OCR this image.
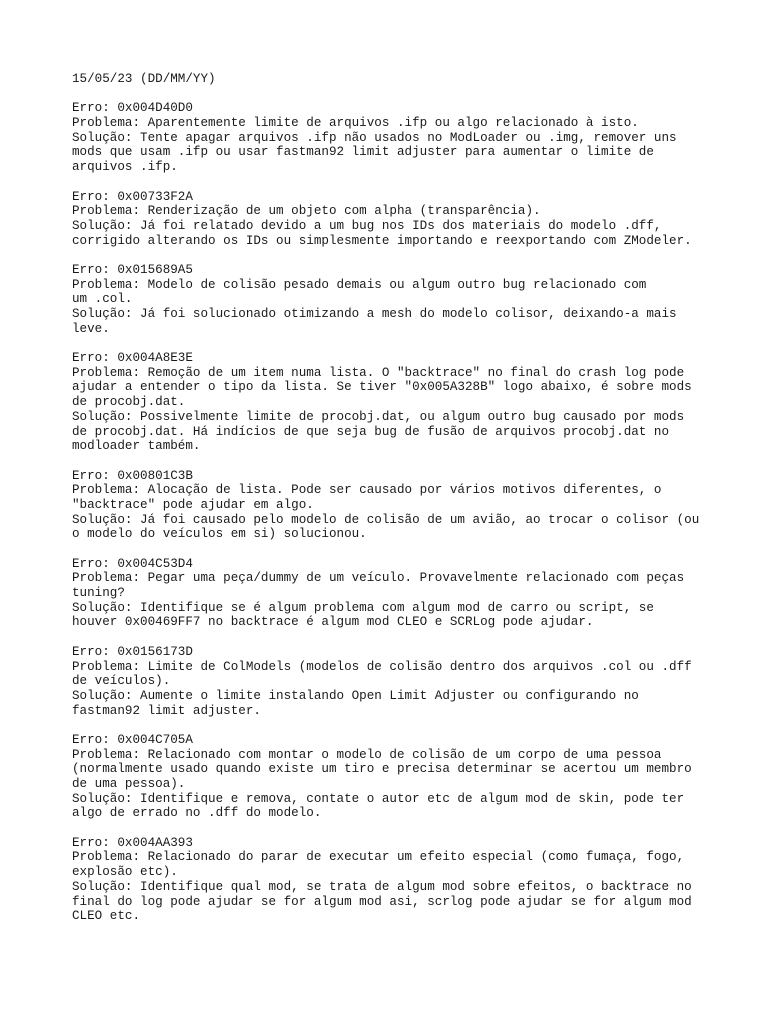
15/05/23 (DD/MM/YY)
Erro: 0x004D40D0
Problema: Aparentemente limite de arquivos .ifp ou algo relacionado à isto.
Solução: Tente apagar arquivos .ifp não usados no ModLoader ou .img, remover uns
mods que usam .ifp ou usar fastman92 limit adjuster para aumentar o limite de
arquivos .ifp.
Erro: 0x00733F2A
Problema: Renderização de um objeto com alpha (transparência).
Solução: Já foi relatado devido a um bug nos IDs dos materiais do modelo .dff,
corrigido alterando os IDs ou simplesmente importando e reexportando com ZModeler.
Erro: 0x015689A5
Problema: Modelo de colisão pesado demais ou algum outro bug relacionado com
um .col.
Solução: Já foi solucionado otimizando a mesh do modelo colisor, deixando-a mais
leve.
Erro: 0x004A8E3E
Problema: Remoção de um item numa lista. O "backtrace" no final do crash log pode
ajudar a entender o tipo da lista. Se tiver "0x005A328B" logo abaixo, é sobre mods
de procobj.dat.
Solução: Possivelmente limite de procobj.dat, ou algum outro bug causado por mods
de procobj.dat. Há indícios de que seja bug de fusão de arquivos procobj.dat no
modloader também.
Erro: 0x00801C3B
Problema: Alocação de lista. Pode ser causado por vários motivos diferentes, o
"backtrace" pode ajudar em algo.
Solução: Já foi causado pelo modelo de colisão de um avião, ao trocar o colisor (ou
o modelo do veículos em si) solucionou.
Erro: 0x004C53D4
Problema: Pegar uma peça/dummy de um veículo. Provavelmente relacionado com peças
tuning?
Solução: Identifique se é algum problema com algum mod de carro ou script, se
houver 0x00469FF7 no backtrace é algum mod CLEO e SCRLog pode ajudar.
Erro: 0x0156173D
Problema: Limite de ColModels (modelos de colisão dentro dos arquivos .col ou .dff
de veículos).
Solução: Aumente o limite instalando Open Limit Adjuster ou configurando no
fastman92 limit adjuster.
Erro: 0x004C705A
Problema: Relacionado com montar o modelo de colisão de um corpo de uma pessoa
(normalmente usado quando existe um tiro e precisa determinar se acertou um membro
de uma pessoa).
Solução: Identifique e remova, contate o autor etc de algum mod de skin, pode ter
algo de errado no .dff do modelo.
Erro: 0x004AA393
Problema: Relacionado do parar de executar um efeito especial (como fumaça, fogo,
explosão etc).
Solução: Identifique qual mod, se trata de algum mod sobre efeitos, o backtrace no
final do log pode ajudar se for algum mod asi, scrlog pode ajudar se for algum mod
CLEO etc.
